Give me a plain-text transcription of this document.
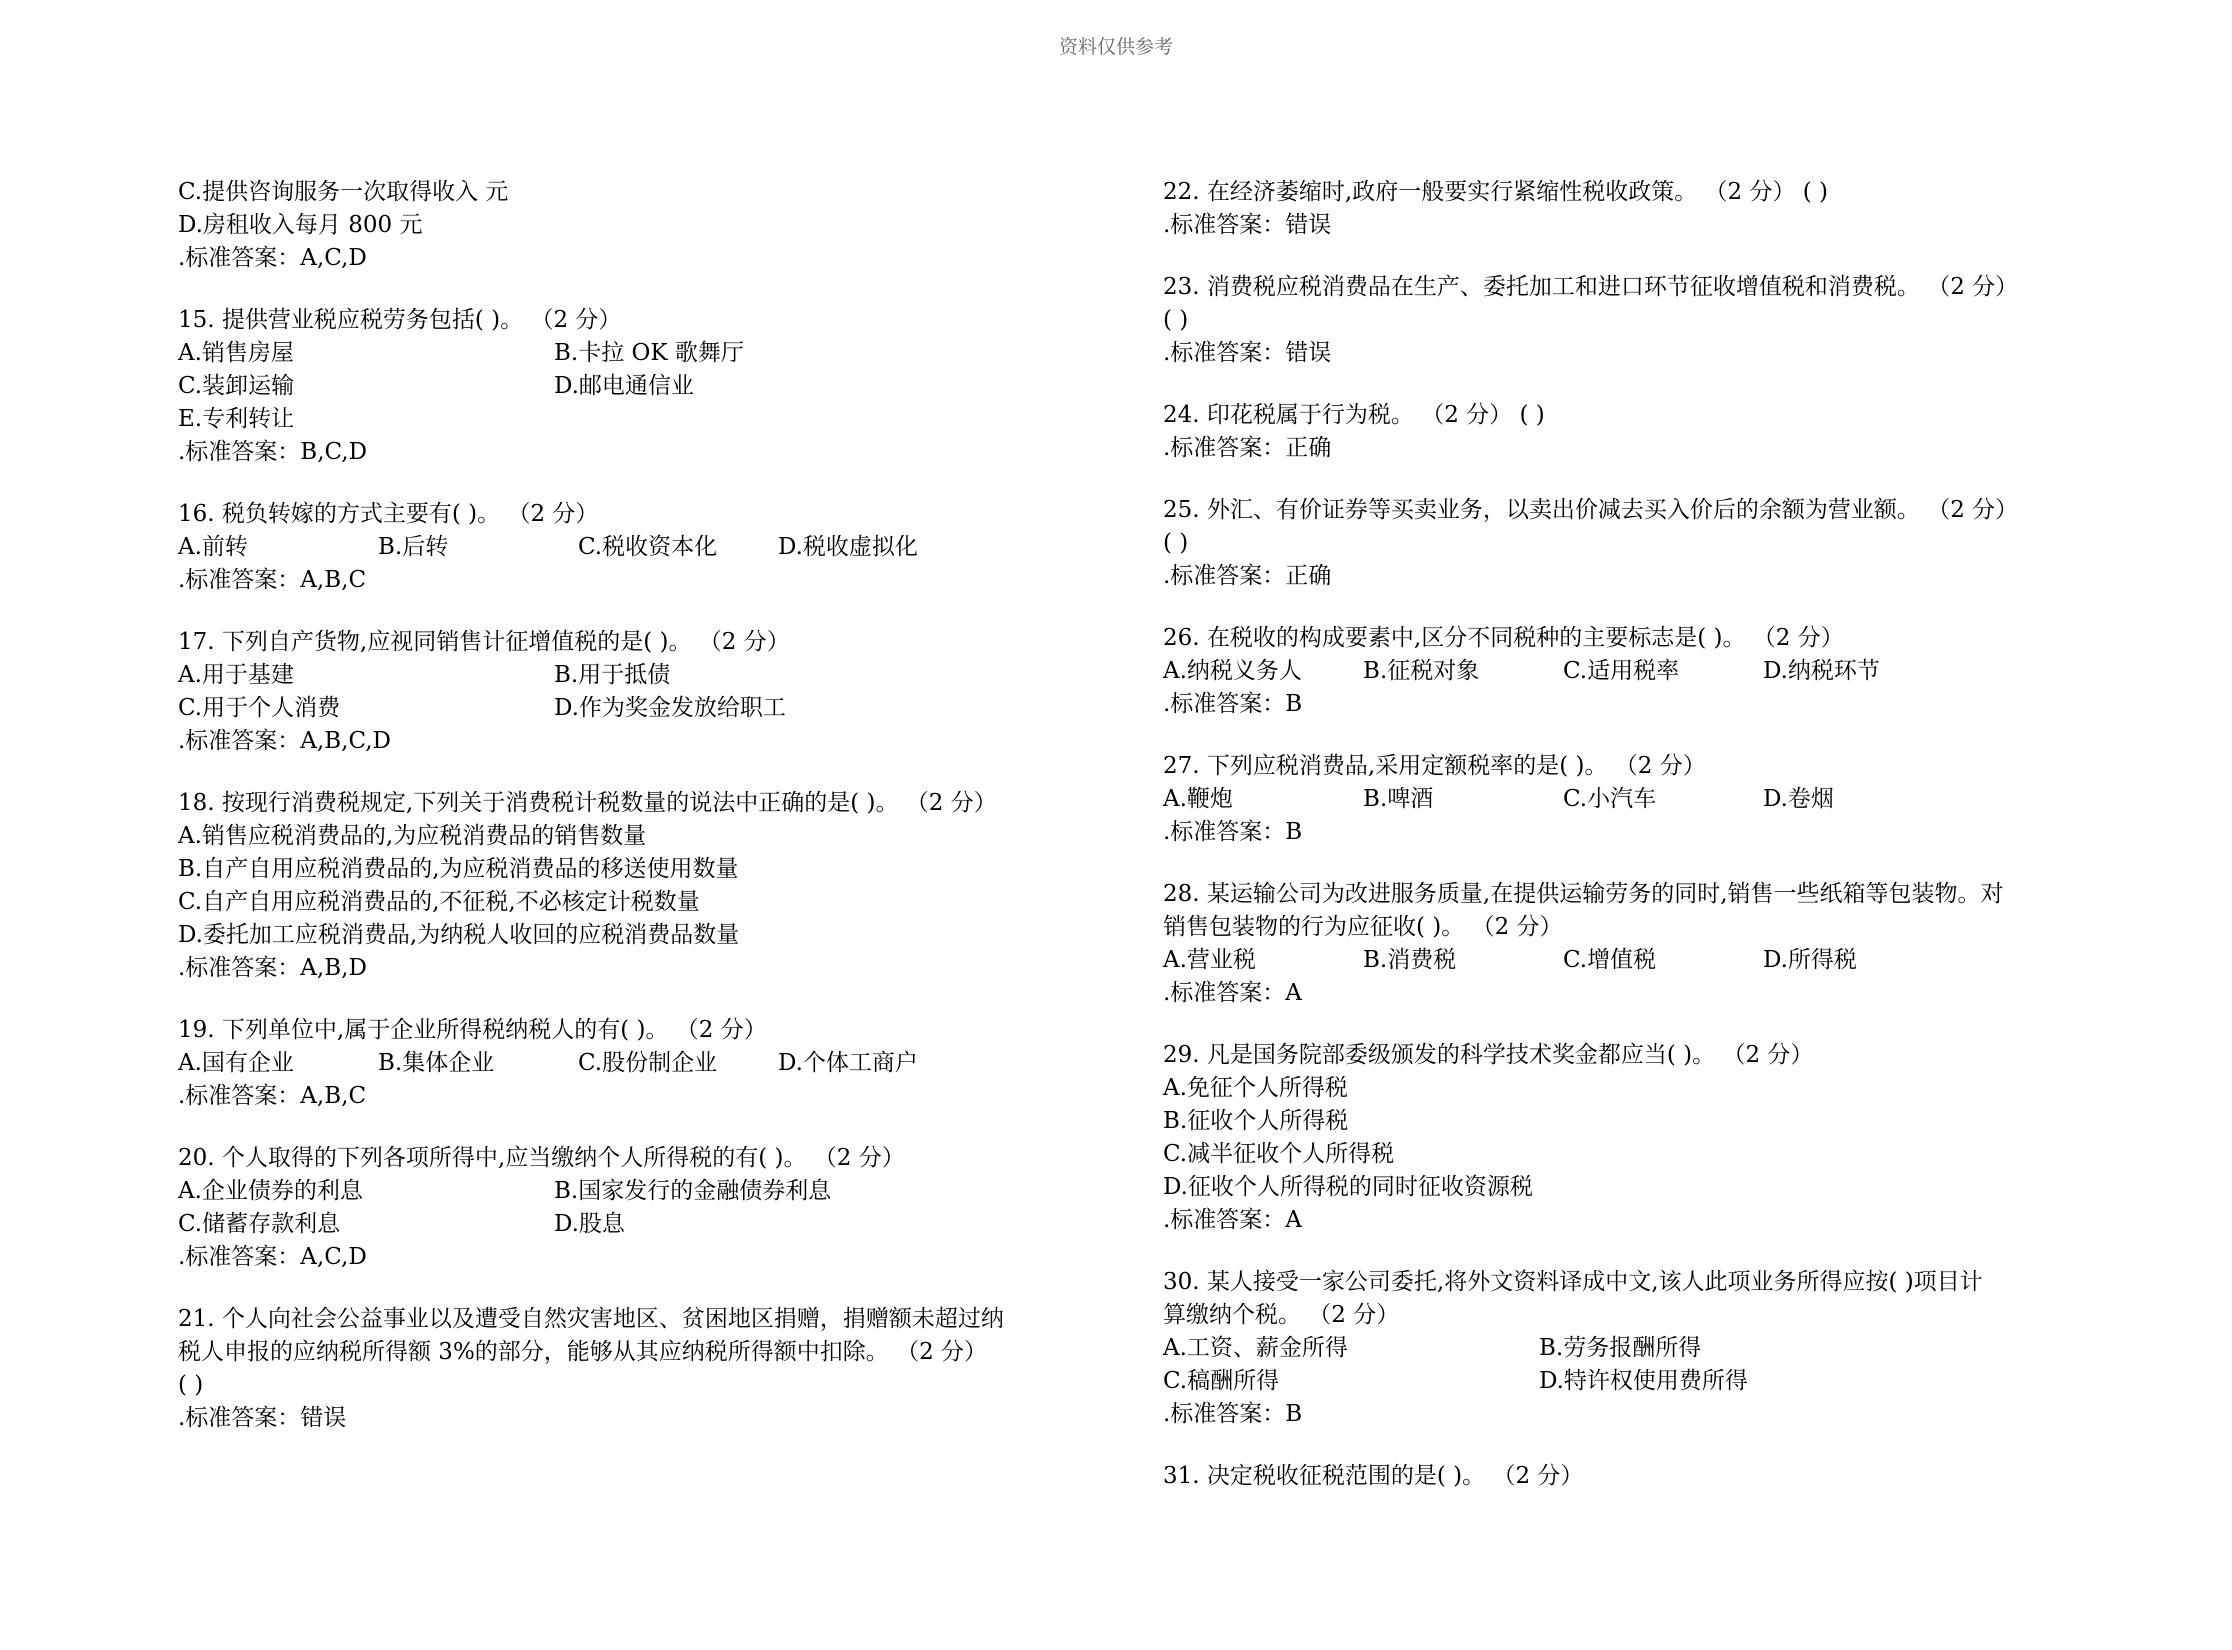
资料仅供参考
C.提供咨询服务一次取得收入 元
D.房租收入每月 800 元
.标准答案：A,C,D
15. 提供营业税应税劳务包括( )。 （2 分）
A.销售房屋	B.卡拉 OK 歌舞厅
C.装卸运输	D.邮电通信业
E.专利转让
.标准答案：B,C,D
16. 税负转嫁的方式主要有( )。 （2 分）
A.前转	B.后转	C.税收资本化	D.税收虚拟化
.标准答案：A,B,C
17. 下列自产货物,应视同销售计征增值税的是( )。 （2 分）
A.用于基建	B.用于抵债
C.用于个人消费	D.作为奖金发放给职工
.标准答案：A,B,C,D
18. 按现行消费税规定,下列关于消费税计税数量的说法中正确的是( )。 （2 分）
A.销售应税消费品的,为应税消费品的销售数量
B.自产自用应税消费品的,为应税消费品的移送使用数量
C.自产自用应税消费品的,不征税,不必核定计税数量
D.委托加工应税消费品,为纳税人收回的应税消费品数量
.标准答案：A,B,D
19. 下列单位中,属于企业所得税纳税人的有( )。 （2 分）
A.国有企业	B.集体企业	C.股份制企业	D.个体工商户
.标准答案：A,B,C
20. 个人取得的下列各项所得中,应当缴纳个人所得税的有( )。 （2 分）
A.企业债券的利息	B.国家发行的金融债券利息
C.储蓄存款利息	D.股息
.标准答案：A,C,D
21. 个人向社会公益事业以及遭受自然灾害地区、贫困地区捐赠，捐赠额未超过纳
税人申报的应纳税所得额 3%的部分，能够从其应纳税所得额中扣除。 （2 分）
( )
.标准答案：错误
22. 在经济萎缩时,政府一般要实行紧缩性税收政策。 （2 分） ( )
.标准答案：错误
23. 消费税应税消费品在生产、委托加工和进口环节征收增值税和消费税。 （2 分）
( )
.标准答案：错误
24. 印花税属于行为税。 （2 分） ( )
.标准答案：正确
25. 外汇、有价证券等买卖业务，以卖出价减去买入价后的余额为营业额。 （2 分）
( )
.标准答案：正确
26. 在税收的构成要素中,区分不同税种的主要标志是( )。 （2 分）
A.纳税义务人	B.征税对象	C.适用税率	D.纳税环节
.标准答案：B
27. 下列应税消费品,采用定额税率的是( )。 （2 分）
A.鞭炮	B.啤酒	C.小汽车	D.卷烟
.标准答案：B
28. 某运输公司为改进服务质量,在提供运输劳务的同时,销售一些纸箱等包装物。对
销售包装物的行为应征收( )。 （2 分）
A.营业税	B.消费税	C.增值税	D.所得税
.标准答案：A
29. 凡是国务院部委级颁发的科学技术奖金都应当( )。 （2 分）
A.免征个人所得税
B.征收个人所得税
C.减半征收个人所得税
D.征收个人所得税的同时征收资源税
.标准答案：A
30. 某人接受一家公司委托,将外文资料译成中文,该人此项业务所得应按( )项目计
算缴纳个税。 （2 分）
A.工资、薪金所得	B.劳务报酬所得
C.稿酬所得	D.特许权使用费所得
.标准答案：B
31. 决定税收征税范围的是( )。 （2 分）
